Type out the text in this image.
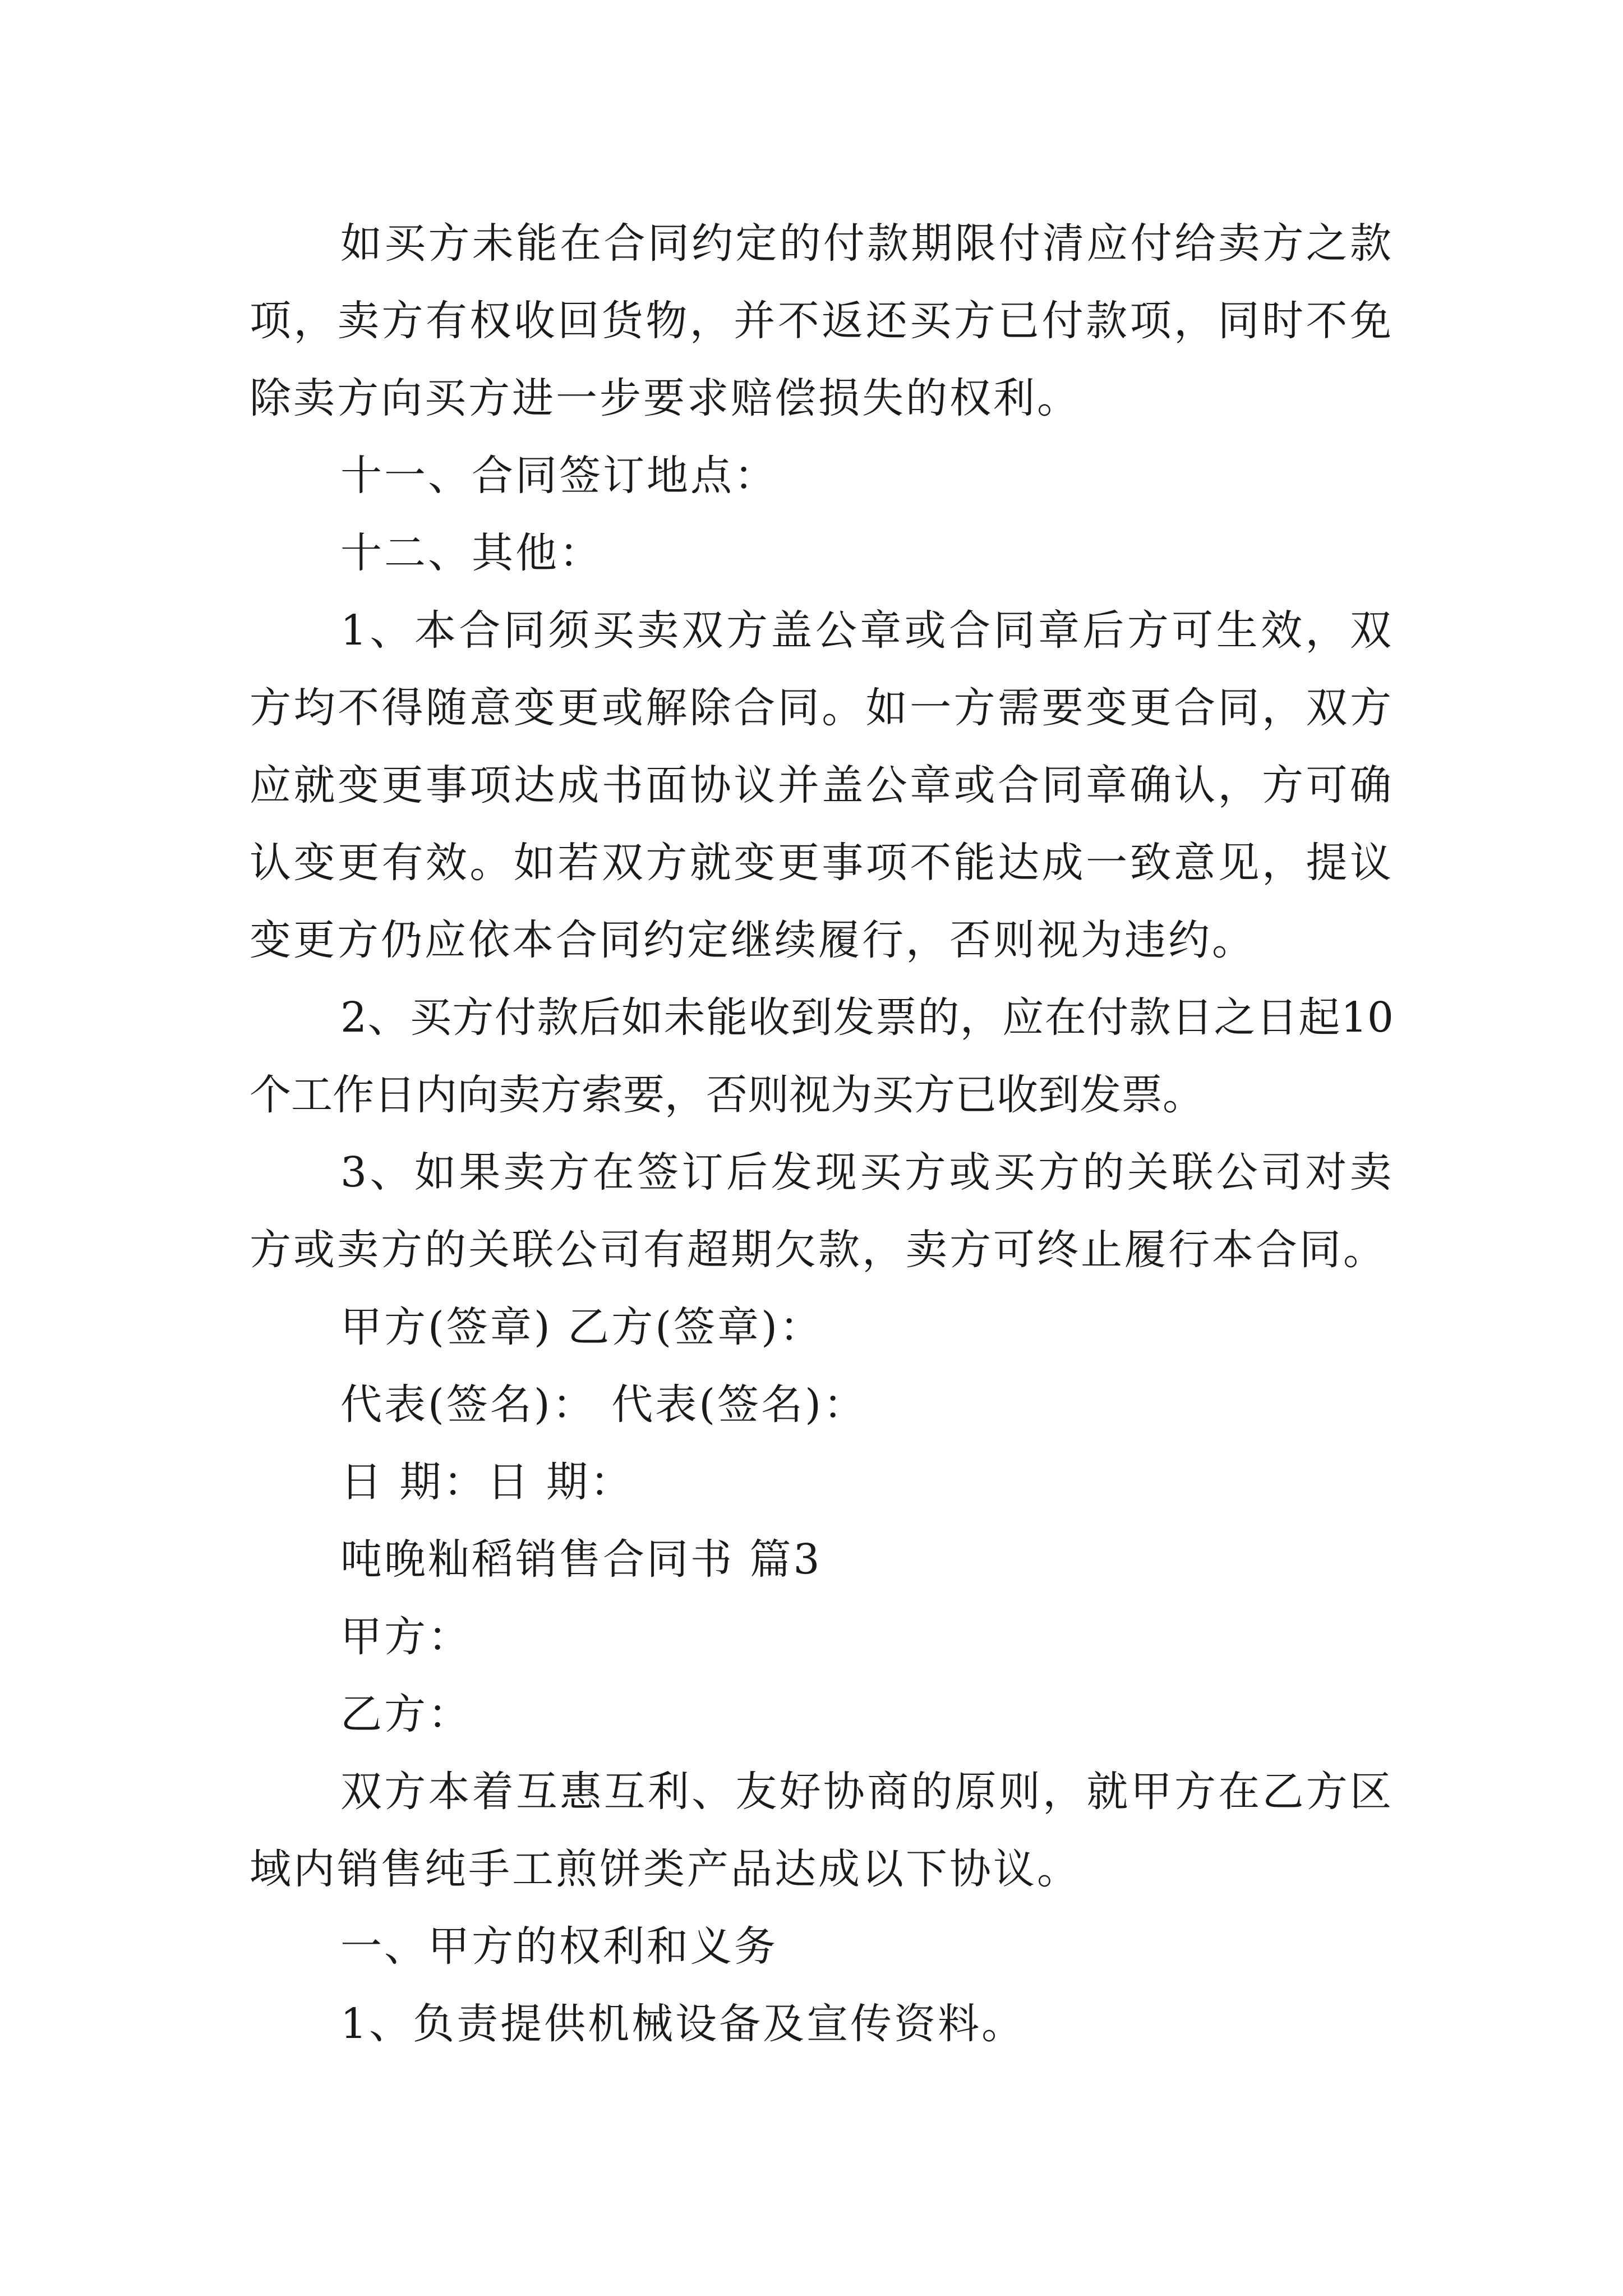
如买方未能在合同约定的付款期限付清应付给卖方之款项，卖方有权收回货物，并不返还买方已付款项，同时不免除卖方向买方进一步要求赔偿损失的权利。

十一、合同签订地点：

十二、其他：

1、本合同须买卖双方盖公章或合同章后方可生效，双方均不得随意变更或解除合同。如一方需要变更合同，双方应就变更事项达成书面协议并盖公章或合同章确认，方可确认变更有效。如若双方就变更事项不能达成一致意见，提议变更方仍应依本合同约定继续履行，否则视为违约。

2、买方付款后如未能收到发票的，应在付款日之日起10个工作日内向卖方索要，否则视为买方已收到发票。

3、如果卖方在签订后发现买方或买方的关联公司对卖方或卖方的关联公司有超期欠款，卖方可终止履行本合同。

甲方(签章) 乙方(签章)：

代表(签名)： 代表(签名)：

日 期：日 期：

吨晚籼稻销售合同书 篇3

甲方：

乙方：

双方本着互惠互利、友好协商的原则，就甲方在乙方区域内销售纯手工煎饼类产品达成以下协议。

一、甲方的权利和义务

1、负责提供机械设备及宣传资料。
